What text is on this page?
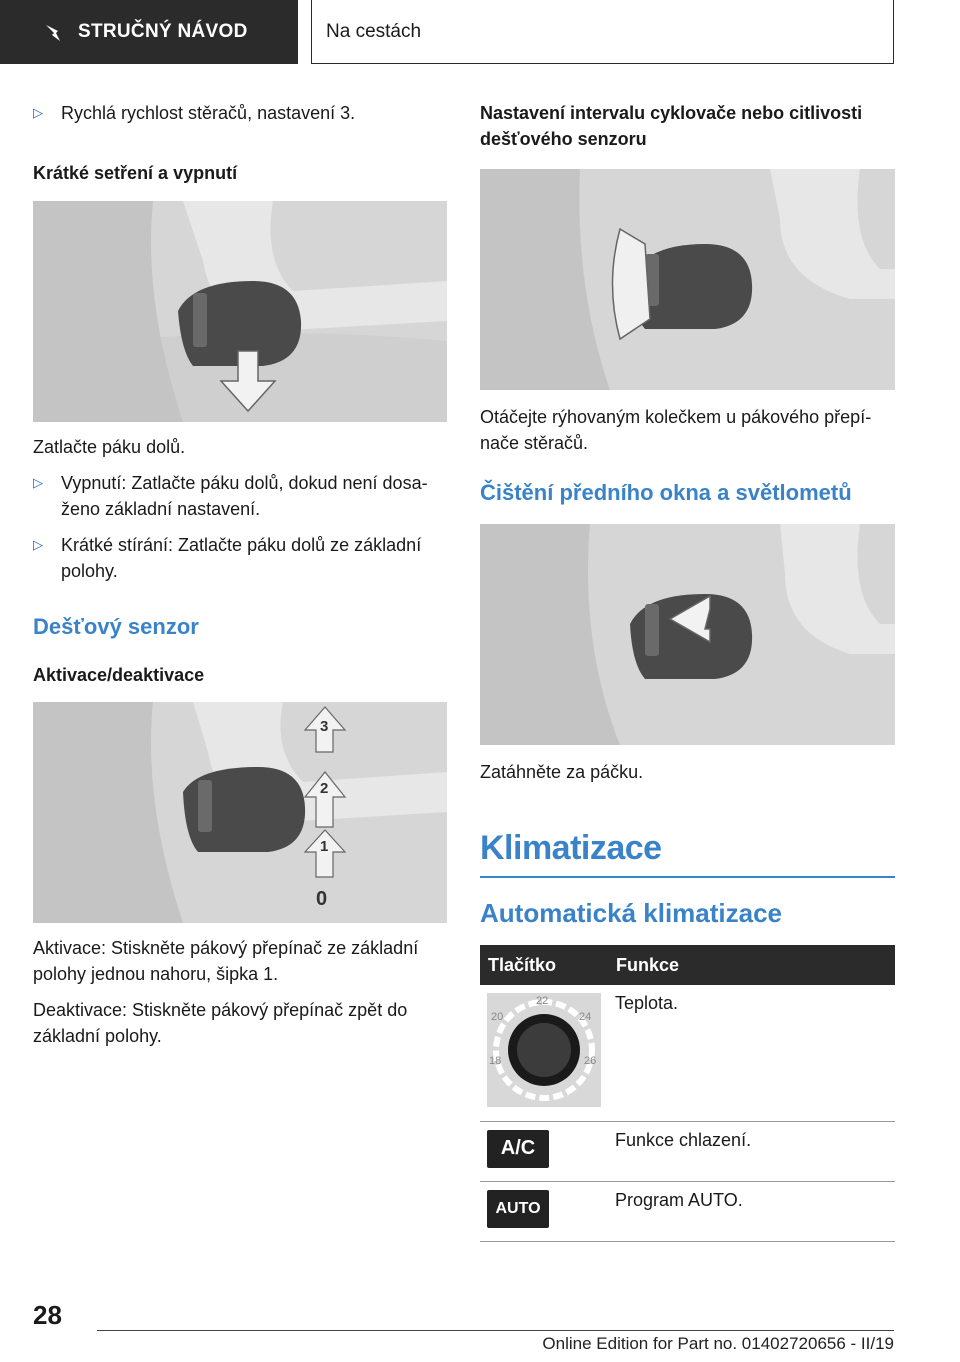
STRUČNÝ NÁVOD	Na cestách
▷	Rychlá rychlost stěračů, nastavení 3.
Krátké setření a vypnutí

Zatlačte páku dolů.

▷	Vypnutí: Zatlačte páku dolů, dokud není dosa-ženo základní nastavení.
▷	Krátké stírání: Zatlačte páku dolů ze základní polohy.
Dešťový senzor
Aktivace/deaktivace
3
2
1
0

Aktivace: Stiskněte pákový přepínač ze základní polohy jednou nahoru, šipka 1.

Deaktivace: Stiskněte pákový přepínač zpět do základní polohy.

Nastavení intervalu cyklovače nebo citlivosti dešťového senzoru

Otáčejte rýhovaným kolečkem u pákového přepí-nače stěračů.

Čištění předního okna a světlometů

Zatáhněte za páčku.

Klimatizace
Automatická klimatizace
Tlačítko	Funkce

20
22
24
18 26	Teplota.

A/C	Funkce chlazení.

AUTO	Program AUTO.
28
Online Edition for Part no. 01402720656 - II/19
